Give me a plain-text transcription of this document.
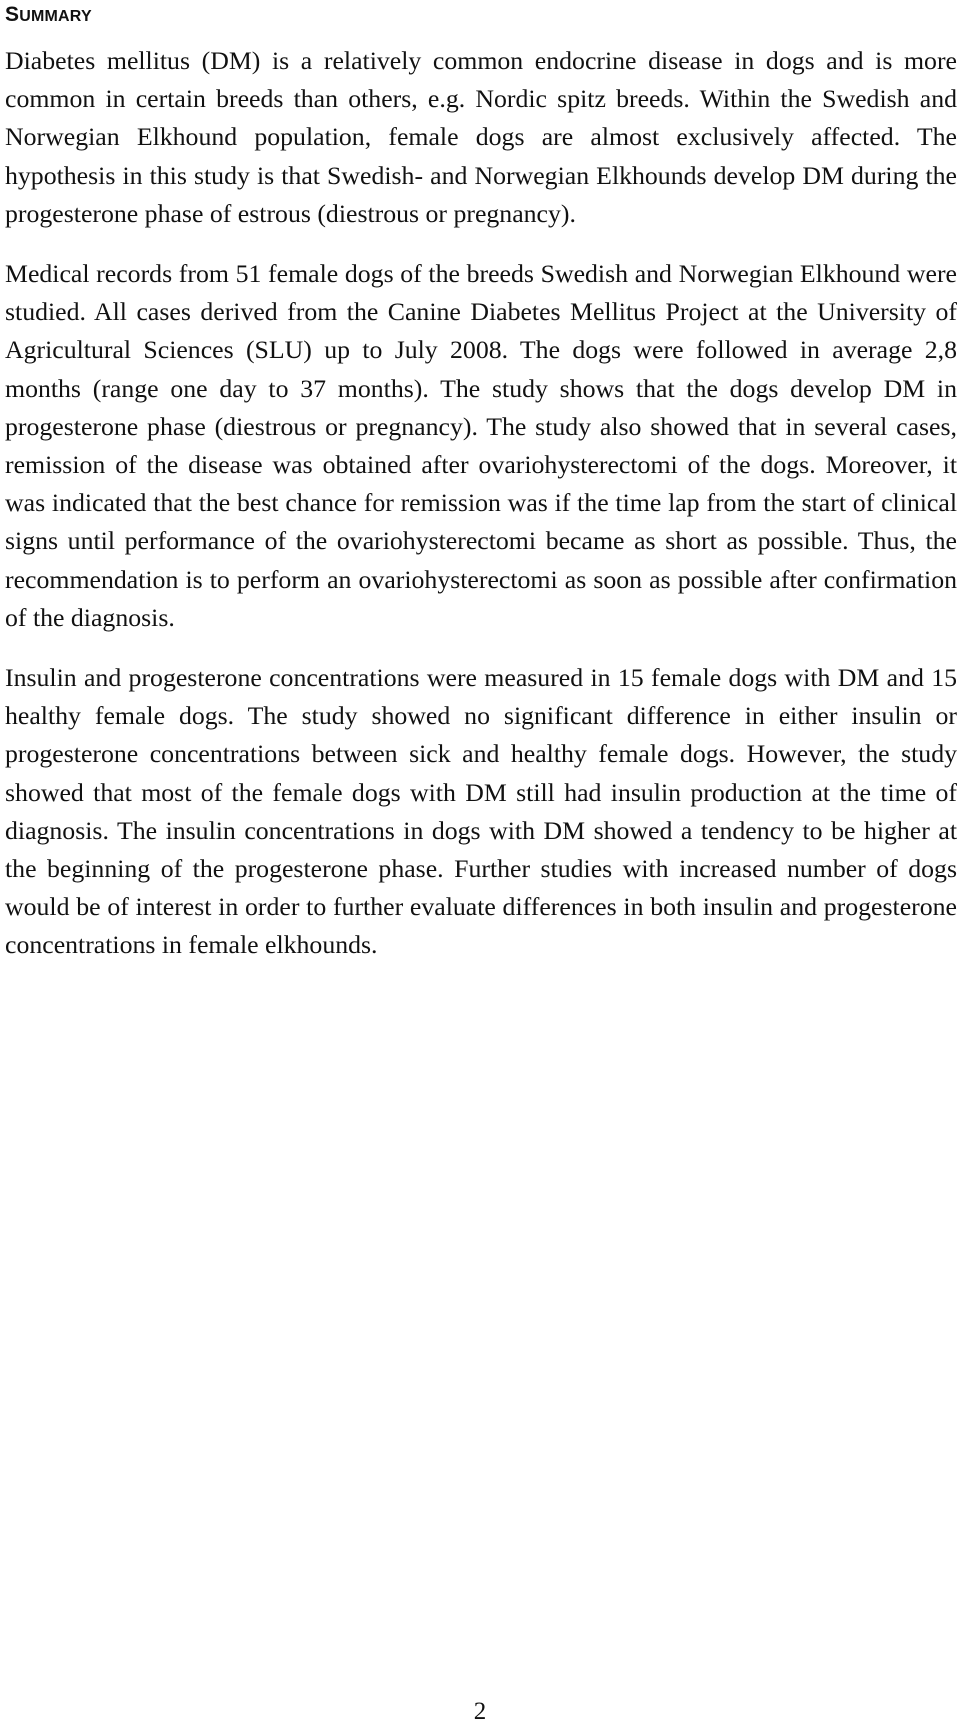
SUMMARY

Diabetes mellitus (DM) is a relatively common endocrine disease in dogs and is more common in certain breeds than others, e.g. Nordic spitz breeds. Within the Swedish and Norwegian Elkhound population, female dogs are almost exclusively affected. The hypothesis in this study is that Swedish- and Norwegian Elkhounds develop DM during the progesterone phase of estrous (diestrous or pregnancy).

Medical records from 51 female dogs of the breeds Swedish and Norwegian Elkhound were studied. All cases derived from the Canine Diabetes Mellitus Project at the University of Agricultural Sciences (SLU) up to July 2008. The dogs were followed in average 2,8 months (range one day to 37 months). The study shows that the dogs develop DM in progesterone phase (diestrous or pregnancy). The study also showed that in several cases, remission of the disease was obtained after ovariohysterectomi of the dogs. Moreover, it was indicated that the best chance for remission was if the time lap from the start of clinical signs until performance of the ovariohysterectomi became as short as possible. Thus, the recommendation is to perform an ovariohysterectomi as soon as possible after confirmation of the diagnosis.

Insulin and progesterone concentrations were measured in 15 female dogs with DM and 15 healthy female dogs. The study showed no significant difference in either insulin or progesterone concentrations between sick and healthy female dogs. However, the study showed that most of the female dogs with DM still had insulin production at the time of diagnosis. The insulin concentrations in dogs with DM showed a tendency to be higher at the beginning of the progesterone phase. Further studies with increased number of dogs would be of interest in order to further evaluate differences in both insulin and progesterone concentrations in female elkhounds.

2
